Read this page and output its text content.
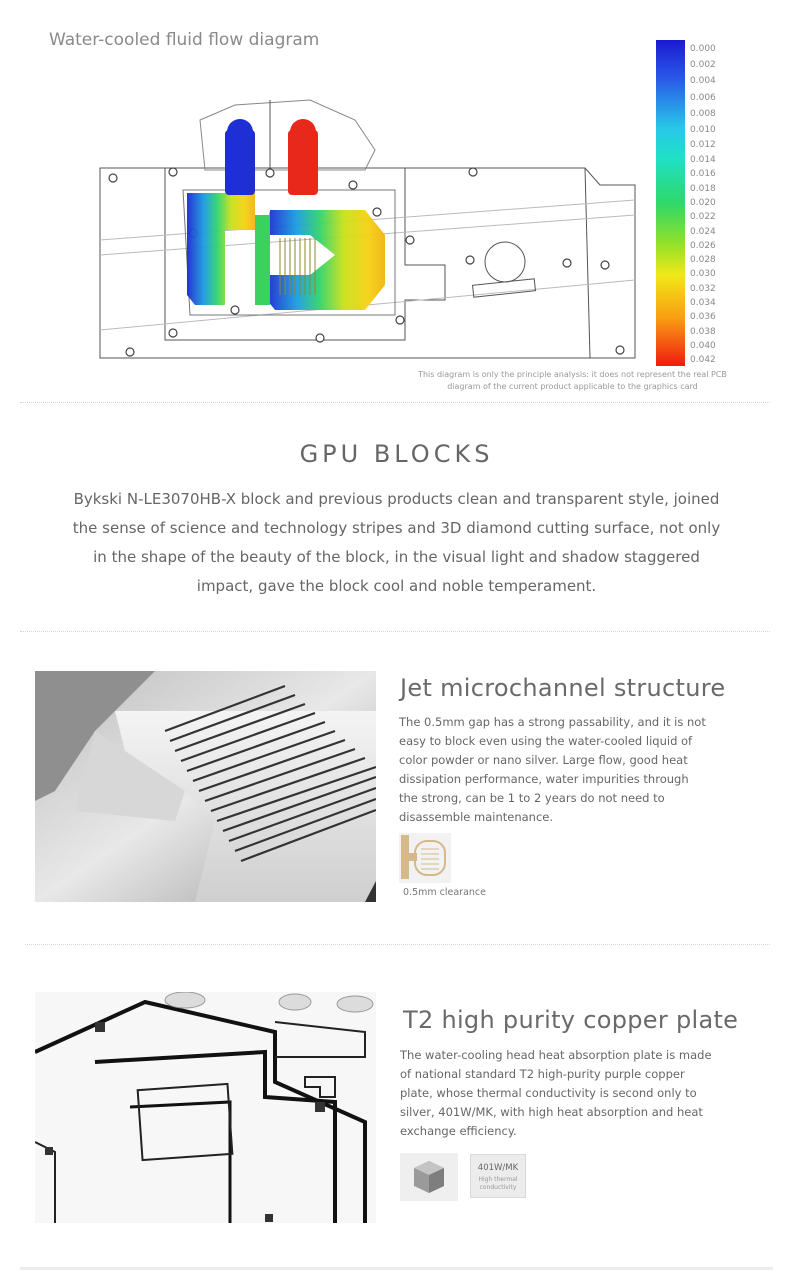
Water-cooled fluid flow diagram	0.000
0.002
0.004
0.006
0.008
0.010
0.012
0.014
0.016
0.018
0.020
0.022
0.024
0.026
0.028
0.030
0.032
0.034
0.036
0.038
0.040
0.042
This diagram is only the principle analysis: it does not represent the real PCB
diagram of the current product applicable to the graphics card
GPU BLOCKS
Bykski N-LE3070HB-X block and previous products clean and transparent style, joined
the sense of science and technology stripes and 3D diamond cutting surface, not only
in the shape of the beauty of the block, in the visual light and shadow staggered
impact, gave the block cool and noble temperament.
Jet microchannel structure
The 0.5mm gap has a strong passability, and it is not
easy to block even using the water-cooled liquid of
color powder or nano silver. Large flow, good heat
dissipation performance, water impurities through
the strong, can be 1 to 2 years do not need to
disassemble maintenance.
0.5mm clearance
T2 high purity copper plate
The water-cooling head heat absorption plate is made
of national standard T2 high-purity purple copper
plate, whose thermal conductivity is second only to
silver, 401W/MK, with high heat absorption and heat
exchange efficiency.
401W/MK
High thermal
conductivity
